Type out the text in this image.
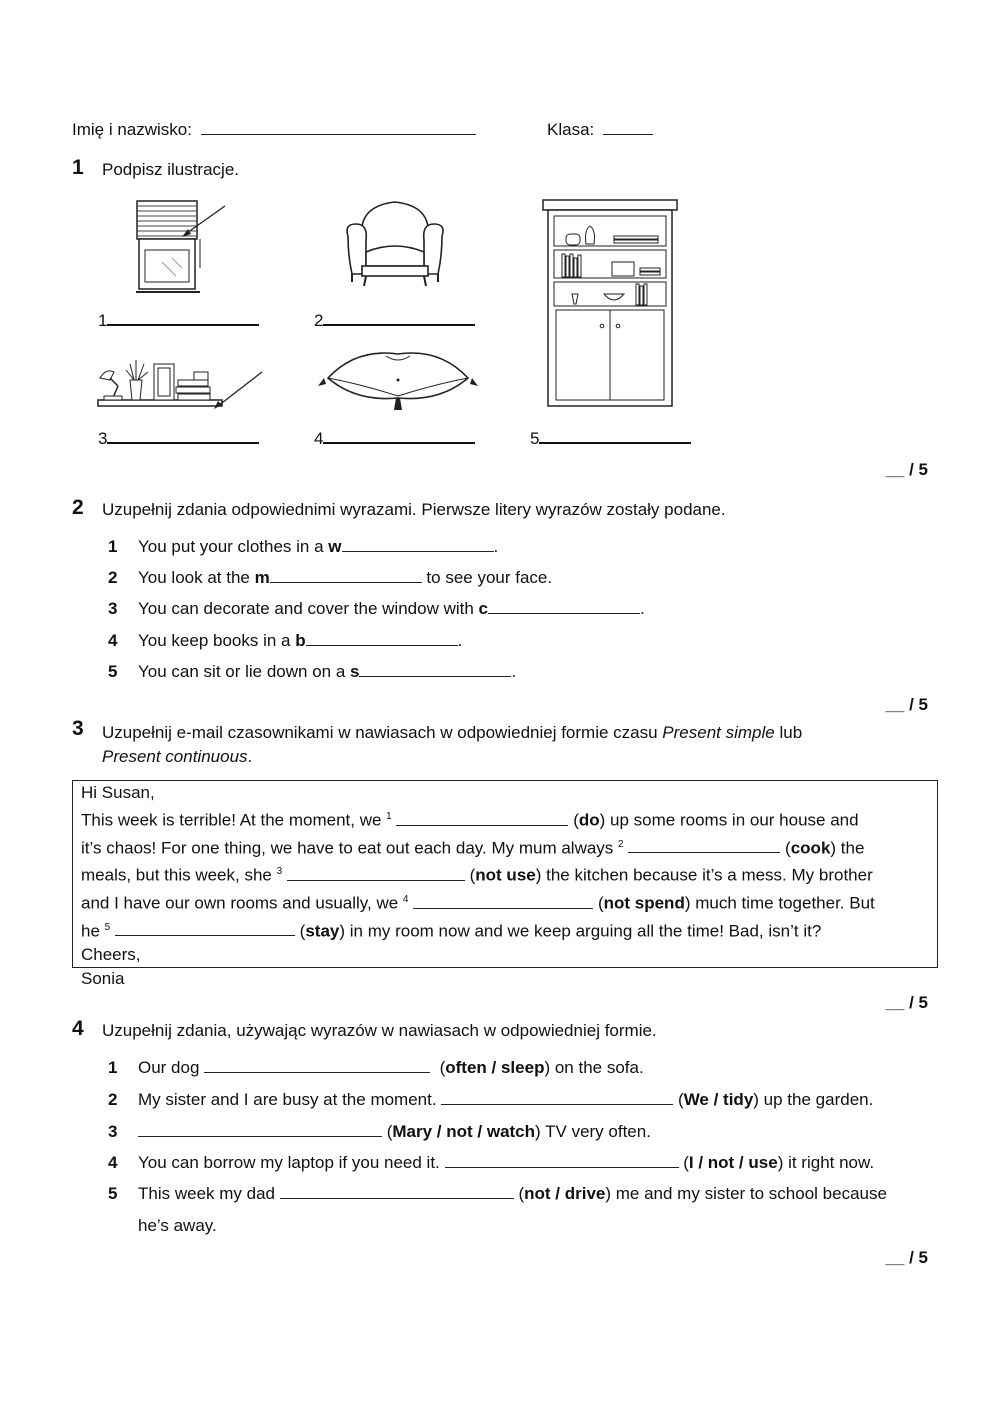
Imię i nazwisko:	Klasa:
1 Podpisz ilustracje.
1	2
3	4	5
__ / 5
2 Uzupełnij zdania odpowiednimi wyrazami. Pierwsze litery wyrazów zostały podane.
1	You put your clothes in a w	.
2	You look at the m	to see your face.
3	You can decorate and cover the window with c	.
4	You keep books in a b	.
5	You can sit or lie down on a s	.
__ / 5
3 Uzupełnij e-mail czasownikami w nawiasach w odpowiedniej formie czasu Present simple lub
Present continuous.
Hi Susan,
This week is terrible! At the moment, we $^1$	(do) up some rooms in our house and
it’s chaos! For one thing, we have to eat out each day. My mum always $^2$	(cook) the
meals, but this week, she $^3$	(not use) the kitchen because it’s a mess. My brother
and I have our own rooms and usually, we $^4$	(not spend) much time together. But
he $^5$	(stay) in my room now and we keep arguing all the time! Bad, isn’t it?
Cheers,
Sonia
__ / 5
4 Uzupełnij zdania, używając wyrazów w nawiasach w odpowiedniej formie.
1	Our dog	(often / sleep) on the sofa.
2	My sister and I are busy at the moment.	(We / tidy) up the garden.
3	(Mary / not / watch) TV very often.
4	You can borrow my laptop if you need it.	(I / not / use) it right now.
5	This week my dad	(not / drive) me and my sister to school because
he’s away.
__ / 5
